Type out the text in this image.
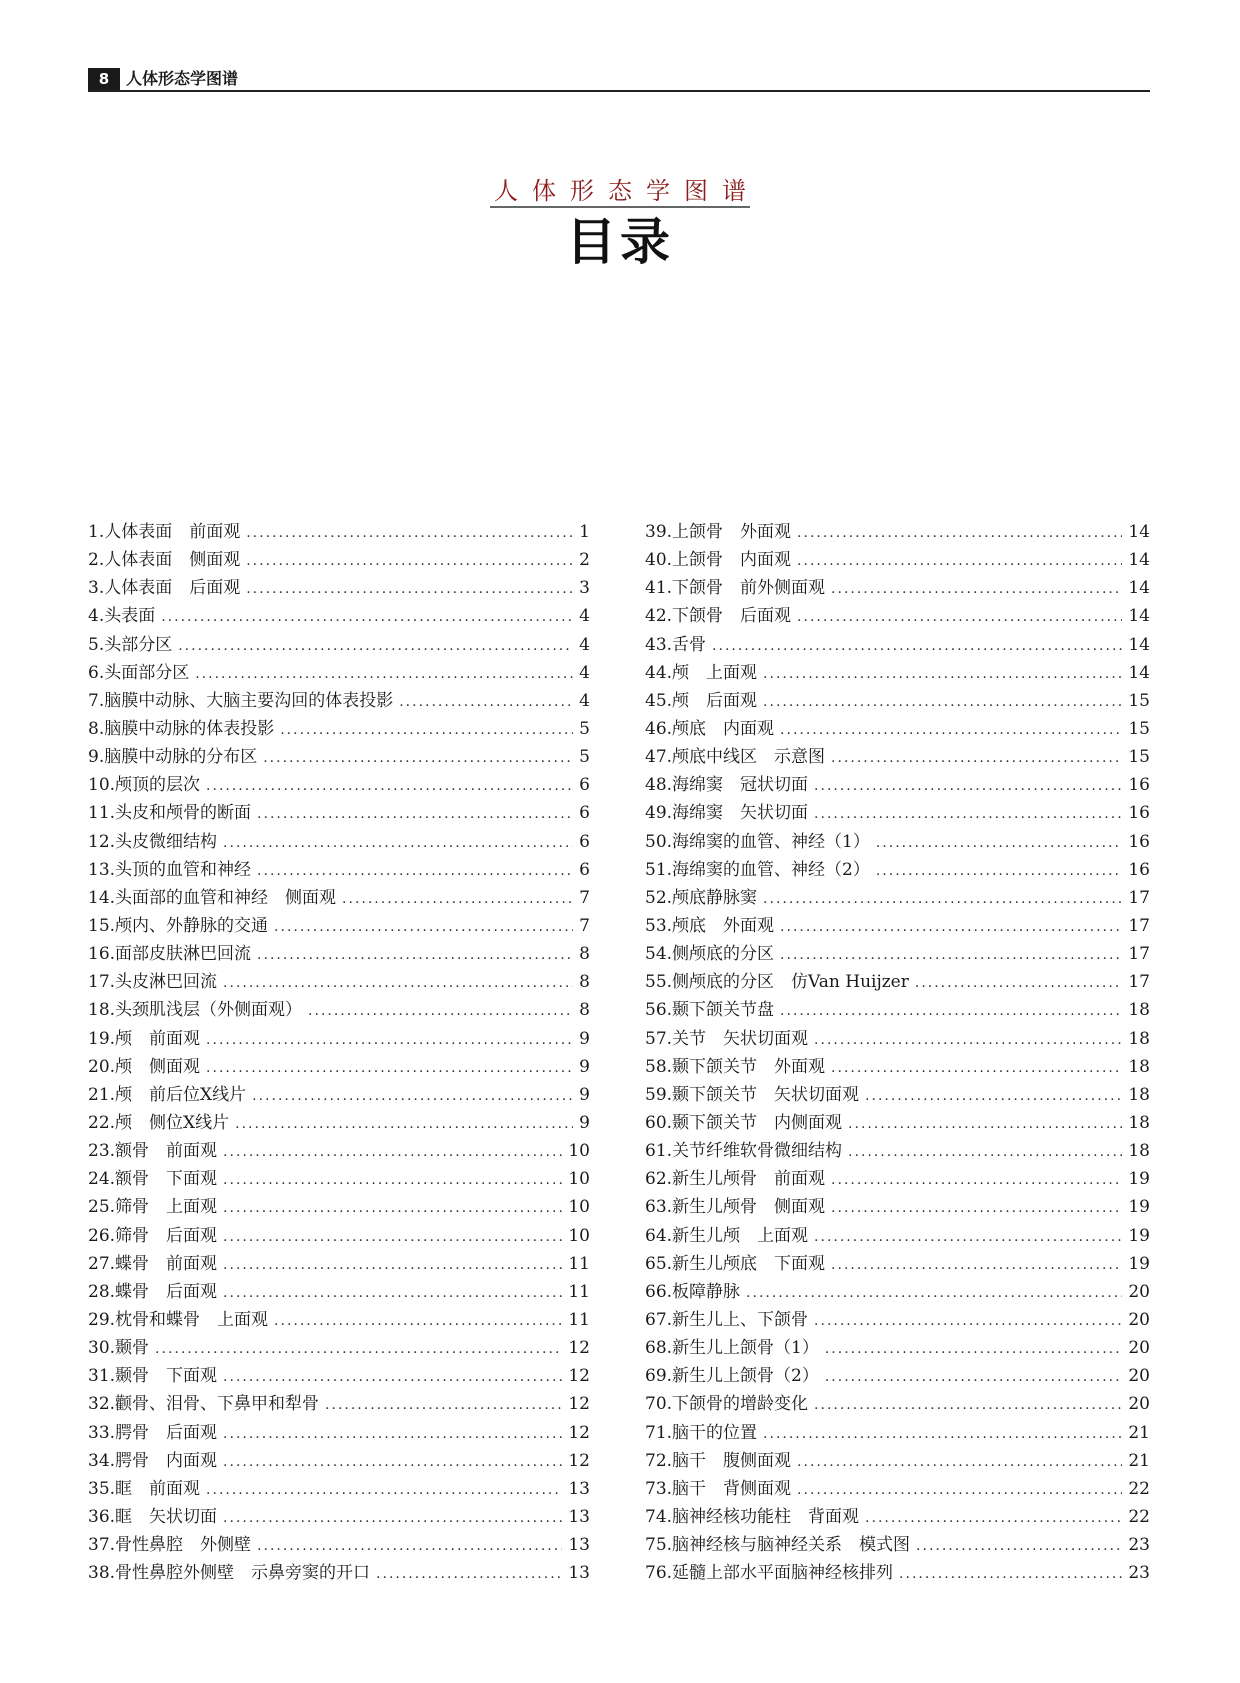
8	人体形态学图谱
人 体 形 态 学 图 谱
目录
1.人体表面　前面观 .....	1
2.人体表面　侧面观 .....	2
3.人体表面　后面观 .....	3
4.头表面 .....	4
5.头部分区 .....	4
6.头面部分区 .....	4
7.脑膜中动脉、大脑主要沟回的体表投影 .....	4
8.脑膜中动脉的体表投影 .....	5
9.脑膜中动脉的分布区 .....	5
10.颅顶的层次 .....	6
11.头皮和颅骨的断面 .....	6
12.头皮微细结构 .....	6
13.头顶的血管和神经 .....	6
14.头面部的血管和神经　侧面观 .....	7
15.颅内、外静脉的交通 .....	7
16.面部皮肤淋巴回流 .....	8
17.头皮淋巴回流 .....	8
18.头颈肌浅层（外侧面观） .....	8
19.颅　前面观 .....	9
20.颅　侧面观 .....	9
21.颅　前后位X线片 .....	9
22.颅　侧位X线片 .....	9
23.额骨　前面观 .....	10
24.额骨　下面观 .....	10
25.筛骨　上面观 .....	10
26.筛骨　后面观 .....	10
27.蝶骨　前面观 .....	11
28.蝶骨　后面观 .....	11
29.枕骨和蝶骨　上面观 .....	11
30.颞骨 .....	12
31.颞骨　下面观 .....	12
32.颧骨、泪骨、下鼻甲和犁骨 .....	12
33.腭骨　后面观 .....	12
34.腭骨　内面观 .....	12
35.眶　前面观 .....	13
36.眶　矢状切面 .....	13
37.骨性鼻腔　外侧壁 .....	13
38.骨性鼻腔外侧壁　示鼻旁窦的开口 .....	13
39.上颌骨　外面观 .....	14
40.上颌骨　内面观 .....	14
41.下颌骨　前外侧面观 .....	14
42.下颌骨　后面观 .....	14
43.舌骨 .....	14
44.颅　上面观 .....	14
45.颅　后面观 .....	15
46.颅底　内面观 .....	15
47.颅底中线区　示意图 .....	15
48.海绵窦　冠状切面 .....	16
49.海绵窦　矢状切面 .....	16
50.海绵窦的血管、神经（1） .....	16
51.海绵窦的血管、神经（2） .....	16
52.颅底静脉窦 .....	17
53.颅底　外面观 .....	17
54.侧颅底的分区 .....	17
55.侧颅底的分区　仿Van Huijzer .....	17
56.颞下颌关节盘 .....	18
57.关节　矢状切面观 .....	18
58.颞下颌关节　外面观 .....	18
59.颞下颌关节　矢状切面观 .....	18
60.颞下颌关节　内侧面观 .....	18
61.关节纤维软骨微细结构 .....	18
62.新生儿颅骨　前面观 .....	19
63.新生儿颅骨　侧面观 .....	19
64.新生儿颅　上面观 .....	19
65.新生儿颅底　下面观 .....	19
66.板障静脉 .....	20
67.新生儿上、下颌骨 .....	20
68.新生儿上颌骨（1） .....	20
69.新生儿上颌骨（2） .....	20
70.下颌骨的增龄变化 .....	20
71.脑干的位置 .....	21
72.脑干　腹侧面观 .....	21
73.脑干　背侧面观 .....	22
74.脑神经核功能柱　背面观 .....	22
75.脑神经核与脑神经关系　模式图 .....	23
76.延髓上部水平面脑神经核排列 .....	23
